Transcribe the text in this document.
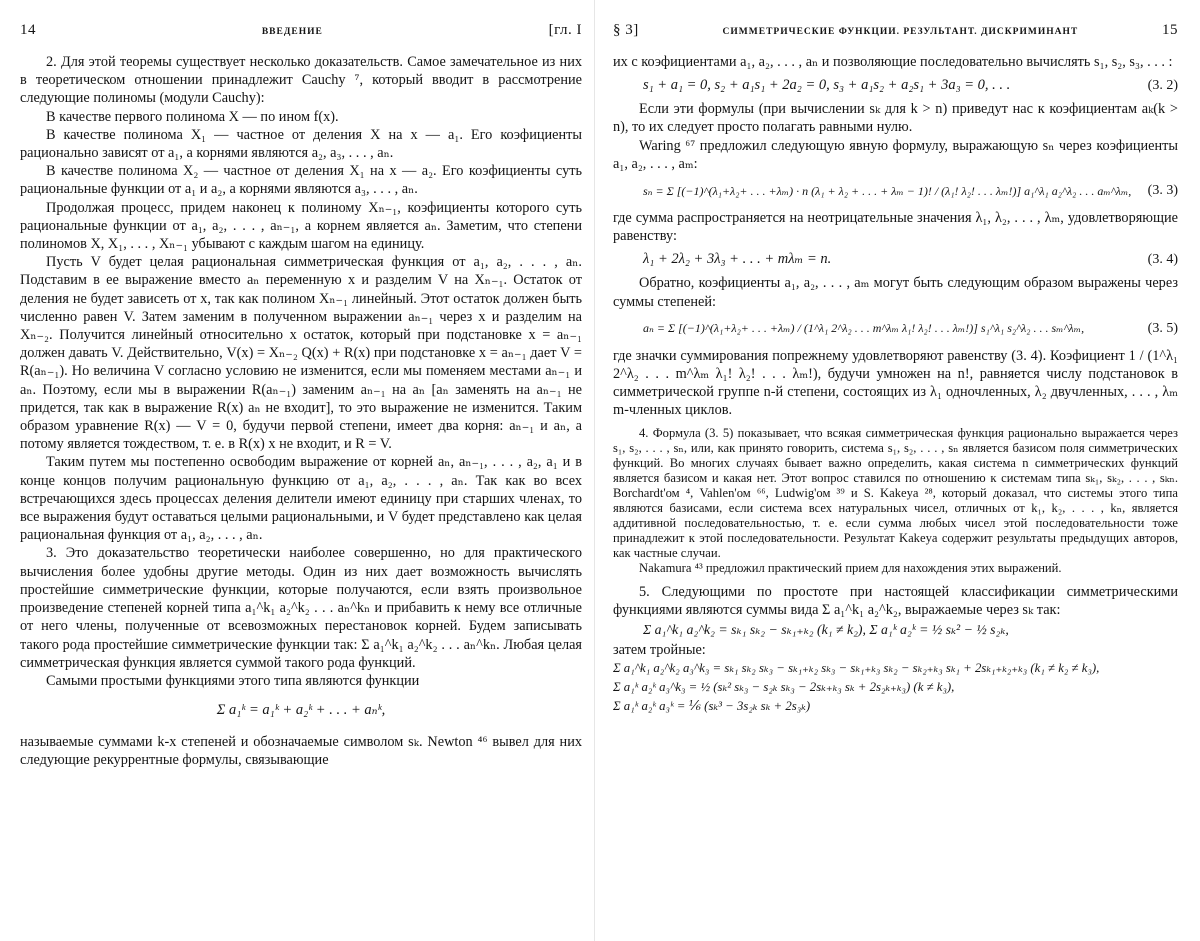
14	ВВЕДЕНИЕ	[гл. I

2. Для этой теоремы существует несколько доказательств. Самое замечательное из них в теоретическом отношении принадлежит Cauchy ⁷, который вводит в рассмотрение следующие полиномы (модули Cauchy):

В качестве первого полинома X — по ином f(x).

В качестве полинома X₁ — частное от деления X на x — a₁. Его коэфициенты рационально зависят от a₁, а корнями являются a₂, a₃, . . . , aₙ.

В качестве полинома X₂ — частное от деления X₁ на x — a₂. Его коэфициенты суть рациональные функции от a₁ и a₂, а корнями являются a₃, . . . , aₙ.

Продолжая процесс, придем наконец к полиному Xₙ₋₁, коэфициенты которого суть рациональные функции от a₁, a₂, . . . , aₙ₋₁, а корнем является aₙ. Заметим, что степени полиномов X, X₁, . . . , Xₙ₋₁ убывают с каждым шагом на единицу.

Пусть V будет целая рациональная симметрическая функция от a₁, a₂, . . . , aₙ. Подставим в ее выражение вместо aₙ переменную x и разделим V на Xₙ₋₁. Остаток от деления не будет зависеть от x, так как полином Xₙ₋₁ линейный. Этот остаток должен быть численно равен V. Затем заменим в полученном выражении aₙ₋₁ через x и разделим на Xₙ₋₂. Получится линейный относительно x остаток, который при подстановке x = aₙ₋₁ должен давать V. Действительно, V(x) = Xₙ₋₂ Q(x) + R(x) при подстановке x = aₙ₋₁ дает V = R(aₙ₋₁). Но величина V согласно условию не изменится, если мы поменяем местами aₙ₋₁ и aₙ. Поэтому, если мы в выражении R(aₙ₋₁) заменим aₙ₋₁ на aₙ [aₙ заменять на aₙ₋₁ не придется, так как в выражение R(x) aₙ не входит], то это выражение не изменится. Таким образом уравнение R(x) — V = 0, будучи первой степени, имеет два корня: aₙ₋₁ и aₙ, а потому является тождеством, т. е. в R(x) x не входит, и R = V.

Таким путем мы постепенно освободим выражение от корней aₙ, aₙ₋₁, . . . , a₂, a₁ и в конце концов получим рациональную функцию от a₁, a₂, . . . , aₙ. Так как во всех встречающихся здесь процессах деления делители имеют единицу при старших членах, то все выражения будут оставаться целыми рациональными, и V будет представлено как целая рациональная функция от a₁, a₂, . . . , aₙ.

3. Это доказательство теоретически наиболее совершенно, но для практического вычисления более удобны другие методы. Один из них дает возможность вычислять простейшие симметрические функции, которые получаются, если взять произвольное произведение степеней корней типа a₁^k₁ a₂^k₂ . . . aₙ^kₙ и прибавить к нему все отличные от него члены, полученные от всевозможных перестановок корней. Будем записывать такого рода простейшие симметрические функции так: Σ a₁^k₁ a₂^k₂ . . . aₙ^kₙ. Любая целая симметрическая функция является суммой такого рода функций.

Самыми простыми функциями этого типа являются функции

Σ a₁ᵏ = a₁ᵏ + a₂ᵏ + . . . + aₙᵏ,

называемые суммами k-х степеней и обозначаемые символом sₖ. Newton ⁴⁶ вывел для них следующие рекуррентные формулы, связывающие

§ 3]	СИММЕТРИЧЕСКИЕ ФУНКЦИИ. РЕЗУЛЬТАНТ. ДИСКРИМИНАНТ	15

их с коэфициентами a₁, a₂, . . . , aₙ и позволяющие последовательно вычислять s₁, s₂, s₃, . . . :

s₁ + a₁ = 0, s₂ + a₁s₁ + 2a₂ = 0, s₃ + a₁s₂ + a₂s₁ + 3a₃ = 0, . . .	(3. 2)

Если эти формулы (при вычислении sₖ для k > n) приведут нас к коэфициентам aₖ(k > n), то их следует просто полагать равными нулю.

Waring ⁶⁷ предложил следующую явную формулу, выражающую sₙ через коэфициенты a₁, a₂, . . . , aₘ:

sₙ = Σ [(−1)^(λ₁+λ₂+ . . . +λₘ) · n (λ₁ + λ₂ + . . . + λₘ − 1)! / (λ₁! λ₂! . . . λₘ!)] a₁^λ₁ a₂^λ₂ . . . aₘ^λₘ, (3. 3)

где сумма распространяется на неотрицательные значения λ₁, λ₂, . . . , λₘ, удовлетворяющие равенству:

λ₁ + 2λ₂ + 3λ₃ + . . . + mλₘ = n.	(3. 4)

Обратно, коэфициенты a₁, a₂, . . . , aₘ могут быть следующим образом выражены через суммы степеней:

aₙ = Σ [(−1)^(λ₁+λ₂+ . . . +λₘ) / (1^λ₁ 2^λ₂ . . . m^λₘ λ₁! λ₂! . . . λₘ!)] s₁^λ₁ s₂^λ₂ . . . sₘ^λₘ,	(3. 5)

где значки суммирования попрежнему удовлетворяют равенству (3. 4). Коэфициент 1 / (1^λ₁ 2^λ₂ . . . m^λₘ λ₁! λ₂! . . . λₘ!), будучи умножен на n!, равняется числу подстановок в симметрической группе n-й степени, состоящих из λ₁ одночленных, λ₂ двучленных, . . . , λₘ m-членных циклов.

4. Формула (3. 5) показывает, что всякая симметрическая функция рационально выражается через s₁, s₂, . . . , sₙ, или, как принято говорить, система s₁, s₂, . . . , sₙ является базисом поля симметрических функций. Во многих случаях бывает важно определить, какая система n симметрических функций является базисом и какая нет. Этот вопрос ставился по отношению к системам типа sₖ₁, sₖ₂, . . . , sₖₙ. Borchardt'ом ⁴, Vahlen'ом ⁶⁶, Ludwig'ом ³⁹ и S. Kakeya ²⁸, который доказал, что системы этого типа являются базисами, если система всех натуральных чисел, отличных от k₁, k₂, . . . , kₙ, является аддитивной последовательностью, т. е. если сумма любых чисел этой последовательности тоже принадлежит к этой последовательности. Результат Kakeya содержит результаты предыдущих авторов, как частные случаи.

Nakamura ⁴³ предложил практический прием для нахождения этих выражений.

5. Следующими по простоте при настоящей классификации симметрическими функциями являются суммы вида Σ a₁^k₁ a₂^k₂, выражаемые через sₖ так:

Σ a₁^k₁ a₂^k₂ = sₖ₁ sₖ₂ − sₖ₁₊ₖ₂ (k₁ ≠ k₂), Σ a₁ᵏ a₂ᵏ = ½ sₖ² − ½ s₂ₖ,

затем тройные:

Σ a₁^k₁ a₂^k₂ a₃^k₃ = sₖ₁ sₖ₂ sₖ₃ − sₖ₁₊ₖ₂ sₖ₃ − sₖ₁₊ₖ₃ sₖ₂ − sₖ₂₊ₖ₃ sₖ₁ + 2sₖ₁₊ₖ₂₊ₖ₃ (k₁ ≠ k₂ ≠ k₃),
Σ a₁ᵏ a₂ᵏ a₃^k₃ = ½ (sₖ² sₖ₃ − s₂ₖ sₖ₃ − 2sₖ₊ₖ₃ sₖ + 2s₂ₖ₊ₖ₃) (k ≠ k₃),
Σ a₁ᵏ a₂ᵏ a₃ᵏ = ⅙ (sₖ³ − 3s₂ₖ sₖ + 2s₃ₖ)
